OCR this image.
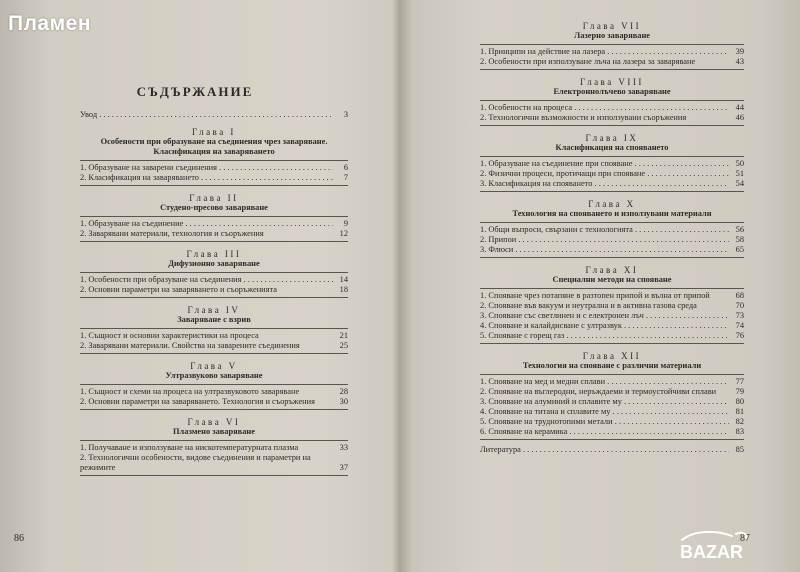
Пламен
СЪДЪРЖАНИЕ
Увод . . .	3
Глава I
Особености при образуване на съединения чрез заваряване. Класификация на заваряването
1. Образуване на заварени съединения . . .	6
2. Класификация на заваряването . . .	7
Глава II
Студено-пресово заваряване
1. Образуване на съединение . . .	9
2. Заварявани материали, технология и съоръжения	12
Глава III
Дифузионно заваряване
1. Особености при образуване на съединения . . .	14
2. Основни параметри на заваряването и съоръженията	18
Глава IV
Заваряване с взрив
1. Същност и основни характеристики на процеса	21
2. Заварявани материали. Свойства на заварените съединения	25
Глава V
Ултразвуково заваряване
1. Същност и схеми на процеса на ултразвуковото заваряване	28
2. Основни параметри на заваряването. Технология и съоръжения	30
Глава VI
Плазмено заваряване
1. Получаване и използуване на нискотемпературната плазма	33
2. Технологични особености, видове съединения и параметри на режимите	37
86
Глава VII
Лазерно заваряване
1. Принципи на действие на лазера . . .	39
2. Особености при използуване лъча на лазера за заваряване	43
Глава VIII
Електроннолъчево заваряване
1. Особености на процеса . . .	44
2. Технологични възможности и използувани съоръжения	46
Глава IX
Класификация на спояването
1. Образуване на съединение при спояване . . .	50
2. Физични процеси, протичащи при спояване . . .	51
3. Класификация на спояването . . .	54
Глава X
Технология на спояването и използувани материали
1. Общи въпроси, свързани с технологията . . .	56
2. Припои . . .	58
3. Флюси . . .	65
Глава XI
Специални методи на спояване
1. Спояване чрез потапяне в разтопен припой и вълна от припой	68
2. Спояване във вакуум и неутрална и в активна газова среда	70
3. Спояване със светлинен и с електронен лъч . . .	73
4. Спояване и калайдисване с ултразвук . . .	74
5. Спояване с горещ газ . . .	76
Глава XII
Технология на спояване с различни материали
1. Спояване на мед и медни сплави . . .	77
2. Спояване на въглеродни, неръждаеми и термоустойчиви сплави	79
3. Спояване на алуминий и сплавите му . . .	80
4. Спояване на титана и сплавите му . . .	81
5. Спояване на труднотопими метали . . .	82
6. Спояване на керамика . . .	83
Литература . . .	85
87
BAZAR
